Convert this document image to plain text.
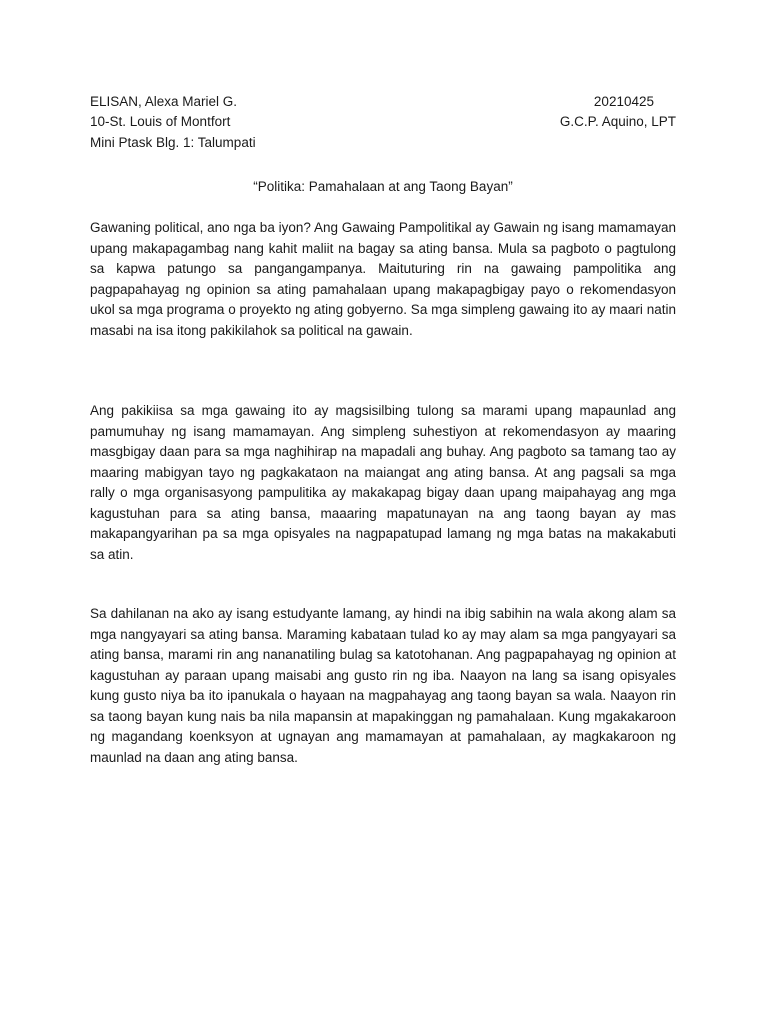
ELISAN, Alexa Mariel G.	20210425
10-St. Louis of Montfort	G.C.P. Aquino, LPT
Mini Ptask Blg. 1: Talumpati
“Politika: Pamahalaan at ang Taong Bayan”

Gawaning political, ano nga ba iyon? Ang Gawaing Pampolitikal ay Gawain ng isang mamamayan upang makapagambag nang kahit maliit na bagay sa ating bansa. Mula sa pagboto o pagtulong sa kapwa patungo sa pangangampanya. Maituturing rin na gawaing pampolitika ang pagpapahayag ng opinion sa ating pamahalaan upang makapagbigay payo o rekomendasyon ukol sa mga programa o proyekto ng ating gobyerno. Sa mga simpleng gawaing ito ay maari natin masabi na isa itong pakikilahok sa political na gawain.

Ang pakikiisa sa mga gawaing ito ay magsisilbing tulong sa marami upang mapaunlad ang pamumuhay ng isang mamamayan. Ang simpleng suhestiyon at rekomendasyon ay maaring masgbigay daan para sa mga naghihirap na mapadali ang buhay. Ang pagboto sa tamang tao ay maaring mabigyan tayo ng pagkakataon na maiangat ang ating bansa. At ang pagsali sa mga rally o mga organisasyong pampulitika ay makakapag bigay daan upang maipahayag ang mga kagustuhan para sa ating bansa, maaaring mapatunayan na ang taong bayan ay mas makapangyarihan pa sa mga opisyales na nagpapatupad lamang ng mga batas na makakabuti sa atin.

Sa dahilanan na ako ay isang estudyante lamang, ay hindi na ibig sabihin na wala akong alam sa mga nangyayari sa ating bansa. Maraming kabataan tulad ko ay may alam sa mga pangyayari sa ating bansa, marami rin ang nananatiling bulag sa katotohanan. Ang pagpapahayag ng opinion at kagustuhan ay paraan upang maisabi ang gusto rin ng iba. Naayon na lang sa isang opisyales kung gusto niya ba ito ipanukala o hayaan na magpahayag ang taong bayan sa wala. Naayon rin sa taong bayan kung nais ba nila mapansin at mapakinggan ng pamahalaan. Kung mgakakaroon ng magandang koenksyon at ugnayan ang mamamayan at pamahalaan, ay magkakaroon ng maunlad na daan ang ating bansa.
